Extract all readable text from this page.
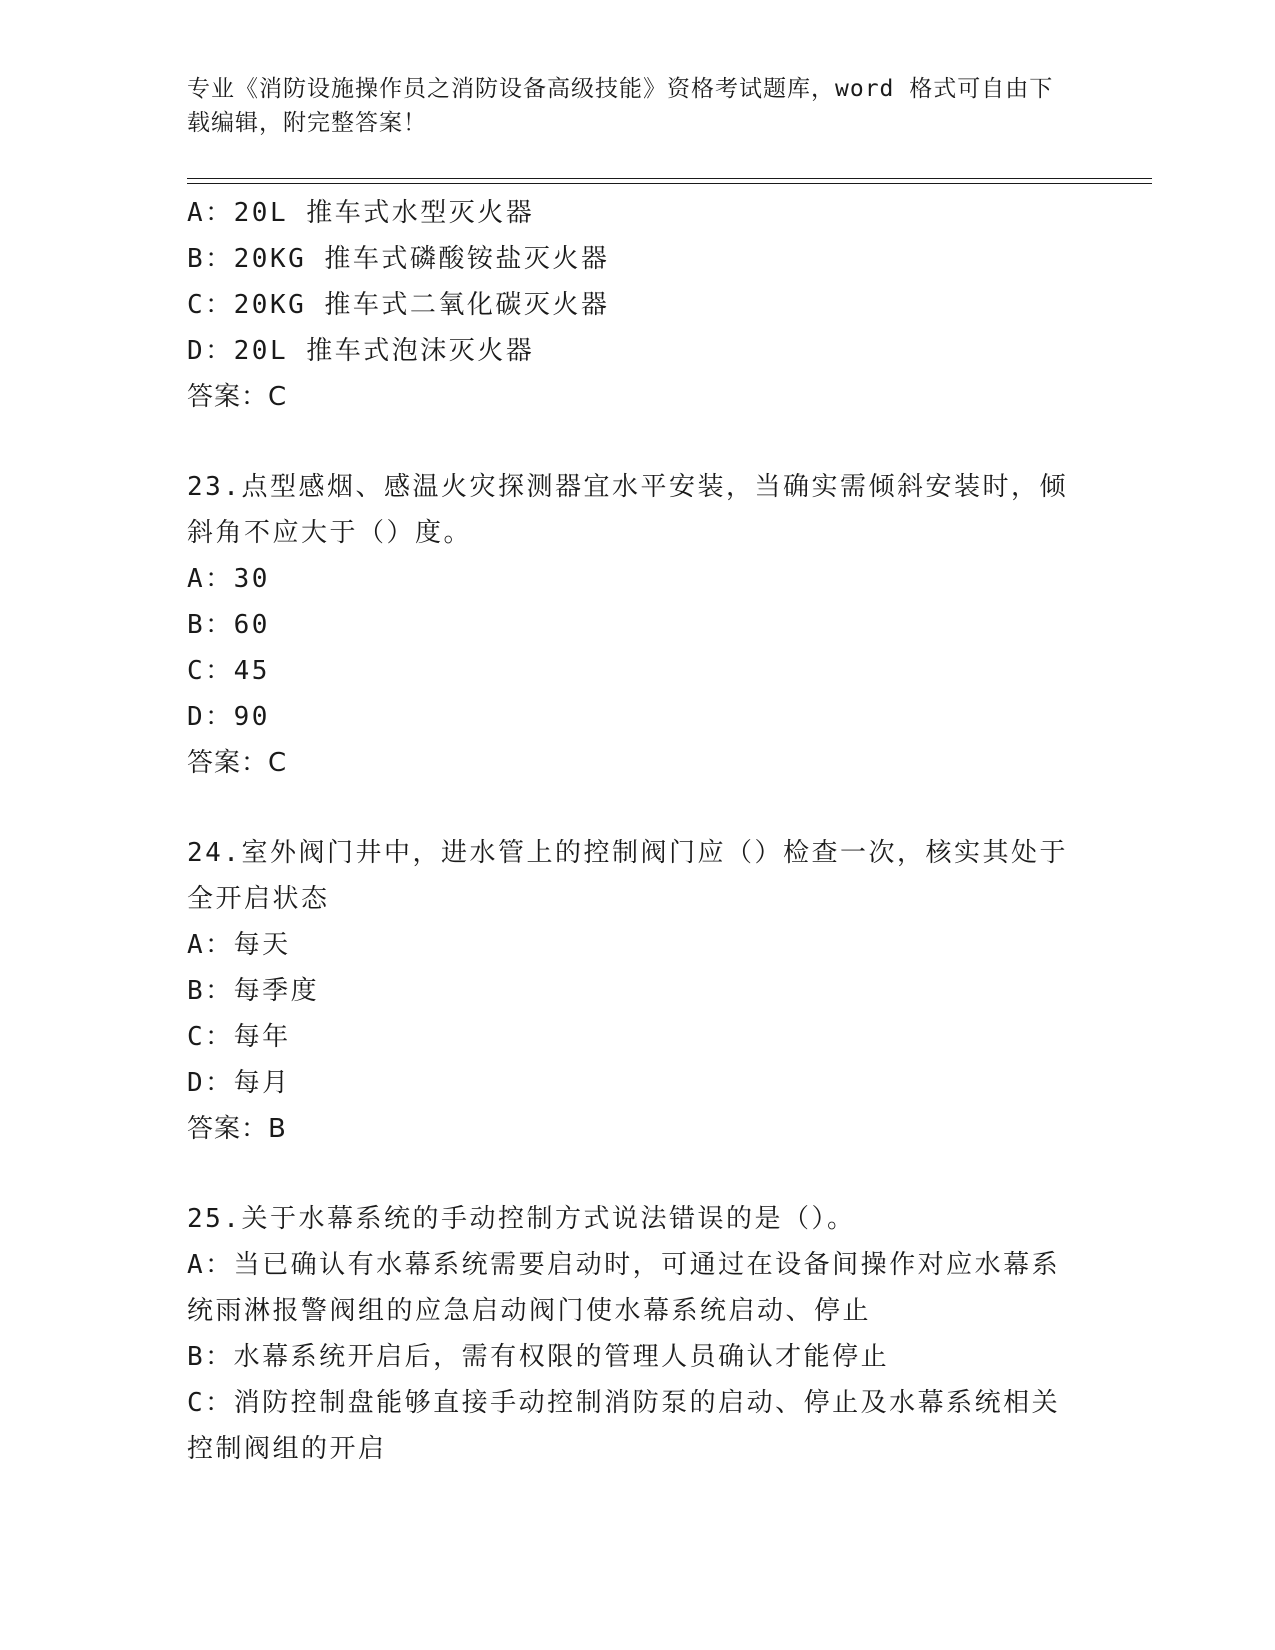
专业《消防设施操作员之消防设备高级技能》资格考试题库，word 格式可自由下
载编辑，附完整答案！
A：20L 推车式水型灭火器
B：20KG 推车式磷酸铵盐灭火器
C：20KG 推车式二氧化碳灭火器
D：20L 推车式泡沫灭火器
答案：C
23.点型感烟、感温火灾探测器宜水平安装，当确实需倾斜安装时，倾
斜角不应大于（）度。
A：30
B：60
C：45
D：90
答案：C
24.室外阀门井中，进水管上的控制阀门应（）检查一次，核实其处于
全开启状态
A：每天
B：每季度
C：每年
D：每月
答案：B
25.关于水幕系统的手动控制方式说法错误的是（）。
A：当已确认有水幕系统需要启动时，可通过在设备间操作对应水幕系
统雨淋报警阀组的应急启动阀门使水幕系统启动、停止
B：水幕系统开启后，需有权限的管理人员确认才能停止
C：消防控制盘能够直接手动控制消防泵的启动、停止及水幕系统相关
控制阀组的开启
